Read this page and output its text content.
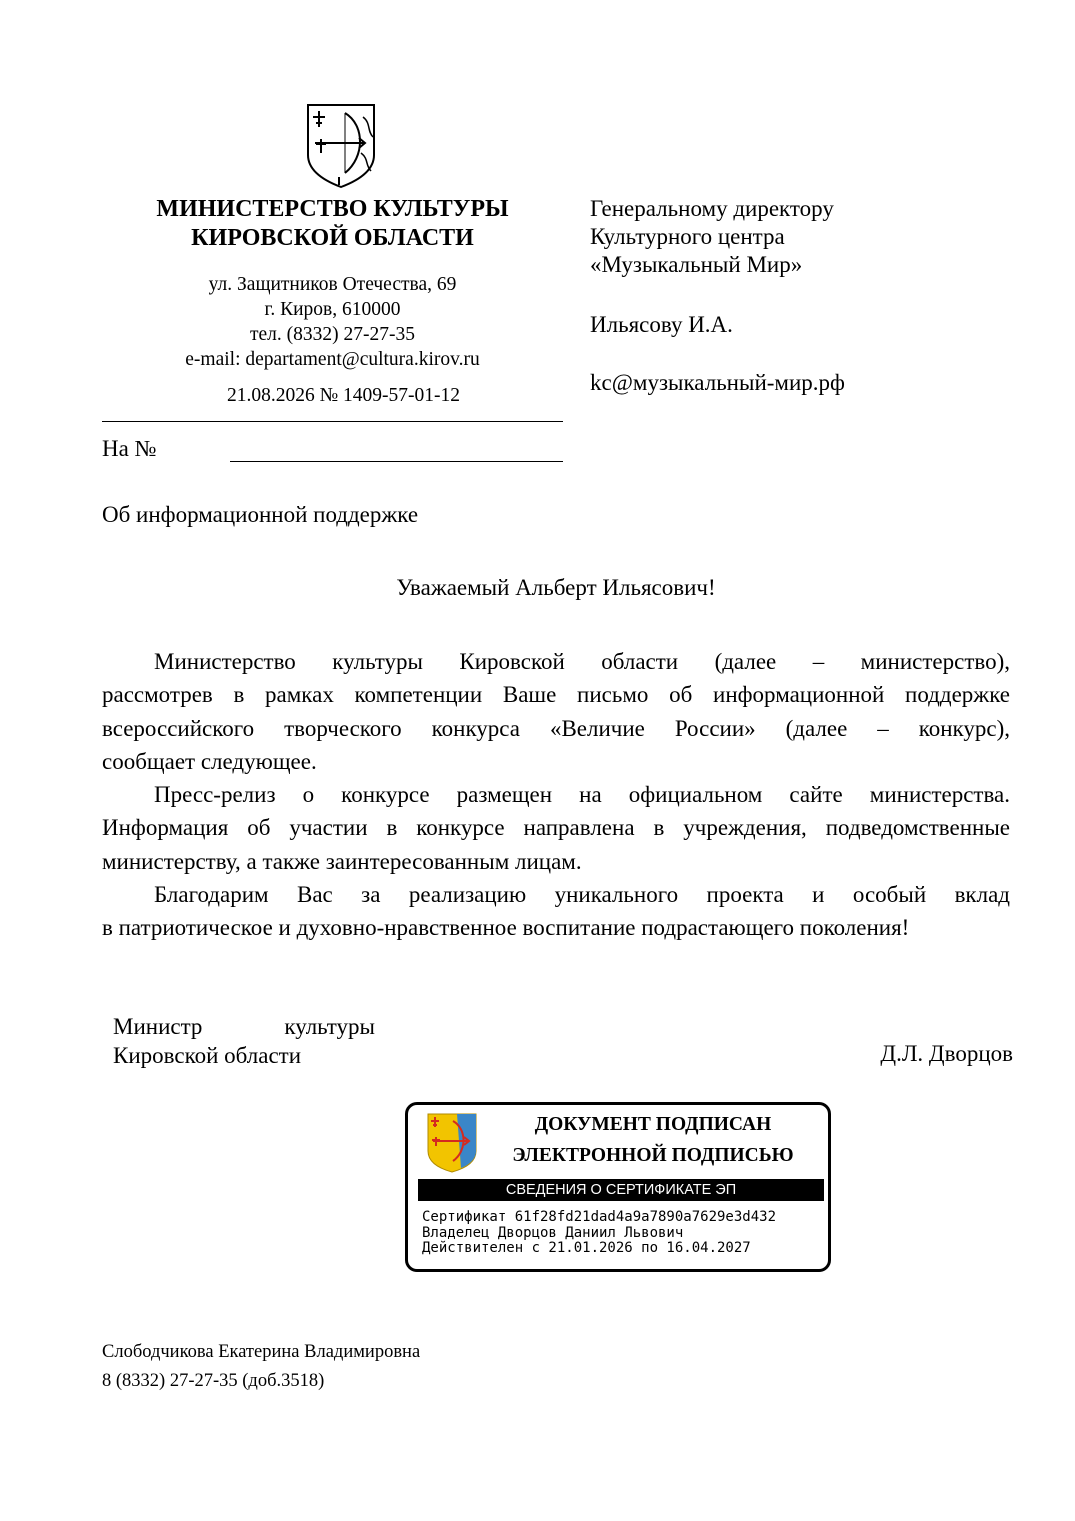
МИНИСТЕРСТВО КУЛЬТУРЫ
КИРОВСКОЙ ОБЛАСТИ
ул. Защитников Отечества, 69
г. Киров, 610000
тел. (8332) 27-27-35
e-mail: departament@cultura.kirov.ru
21.08.2026 № 1409-57-01-12
На №
Генеральному директору
Культурного центра
«Музыкальный Мир»
Ильясову И.А.
kc@музыкальный-мир.рф
Об информационной поддержке
Уважаемый Альберт Ильясович!
Министерство культуры Кировской области (далее – министерство),
рассмотрев в рамках компетенции Ваше письмо об информационной поддержке
всероссийского творческого конкурса «Величие России» (далее – конкурс),
сообщает следующее.
Пресс-релиз о конкурсе размещен на официальном сайте министерства.
Информация об участии в конкурсе направлена в учреждения, подведомственные
министерству, а также заинтересованным лицам.
Благодарим Вас за реализацию уникального проекта и особый вклад
в патриотическое и духовно-нравственное воспитание подрастающего поколения!
Министр	культуры
Кировской области	Д.Л. Дворцов
ДОКУМЕНТ ПОДПИСАН
ЭЛЕКТРОННОЙ ПОДПИСЬЮ
СВЕДЕНИЯ О СЕРТИФИКАТЕ ЭП
Сертификат 61f28fd21dad4a9a7890a7629e3d432
Владелец Дворцов Даниил Львович
Действителен с 21.01.2026 по 16.04.2027
Слободчикова Екатерина Владимировна
8 (8332) 27-27-35 (доб.3518)
